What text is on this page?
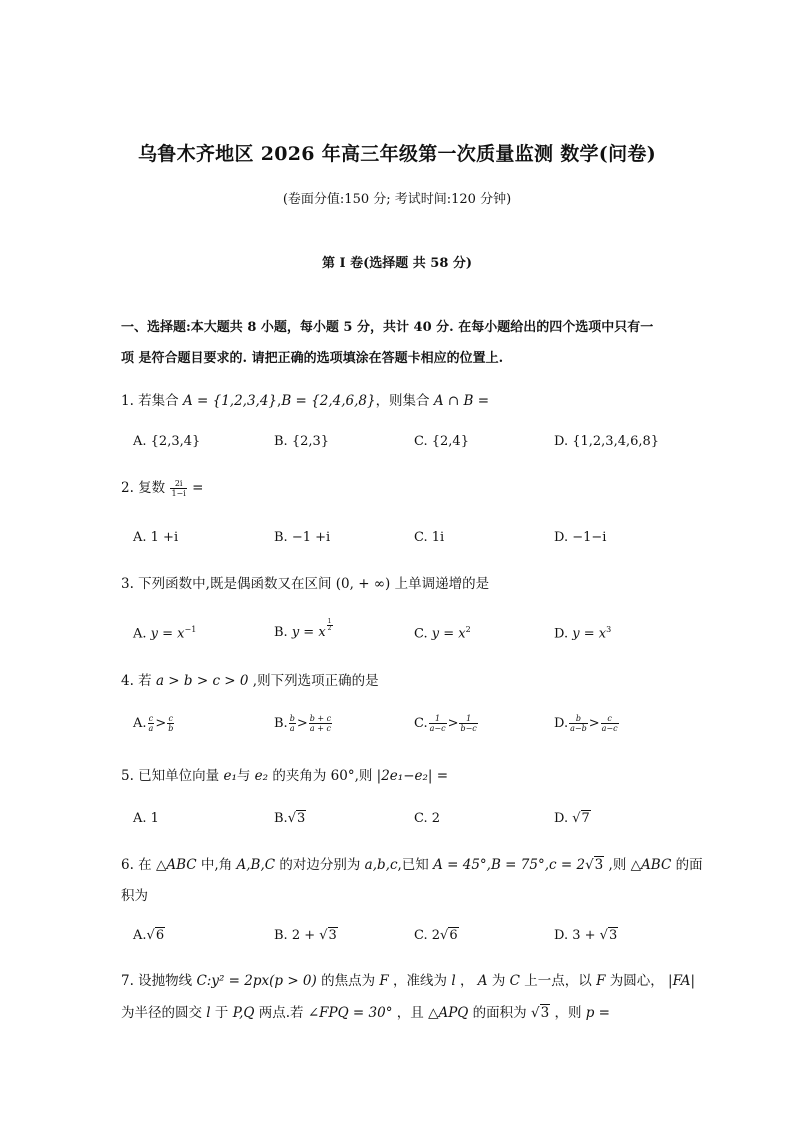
乌鲁木齐地区 2026 年高三年级第一次质量监测 数学(问卷)
(卷面分值:150 分; 考试时间:120 分钟)
第 I 卷(选择题 共 58 分)
一、选择题:本大题共 8 小题，每小题 5 分，共计 40 分. 在每小题给出的四个选项中只有一
项 是符合题目要求的. 请把正确的选项填涂在答题卡相应的位置上.
1. 若集合 A = {1,2,3,4},B = {2,4,6,8}，则集合 A ∩ B =
A. {2,3,4}	B. {2,3}	C. {2,4}	D. {1,2,3,4,6,8}
2. 复数 $\frac{2i}{1-i}$ =
A. 1 +i	B. −1 +i	C. 1i	D. −1−i
3. 下列函数中,既是偶函数又在区间 (0, + ∞) 上单调递增的是
A. $y = x^{-1}$	B. y = x $\frac{1}{2}$
C. $y = x^2$	D. $y = x^3$
4. 若 a > b > c > 0 ,则下列选项正确的是
A. $\frac{c}{a} > \frac{c}{b}$	B. $\frac{b}{a} > \frac{b + c}{a + c}$	C. $\frac{1}{a-c} > \frac{1}{b-c}$	D. $\frac{b}{a-b} > \frac{c}{a-c}$
5. 已知单位向量 e₁与 e₂ 的夹角为 60°,则 |2e₁−e₂| =
A. 1	B.√3	C. 2	D. √7
6. 在 △ABC 中,角 A,B,C 的对边分别为 a,b,c,已知 A = 45°,B = 75°,c = 2√3 ,则 △ABC 的面
积为
A.√6	B. 2 + √3	C. 2√6	D. 3 + √3
7. 设抛物线 C:y² = 2px(p > 0) 的焦点为 F ，准线为 l ， A 为 C 上一点，以 F 为圆心， |FA|
为半径的圆交 l 于 P,Q 两点.若 ∠FPQ = 30° ，且 △APQ 的面积为 √3 ，则 p =
